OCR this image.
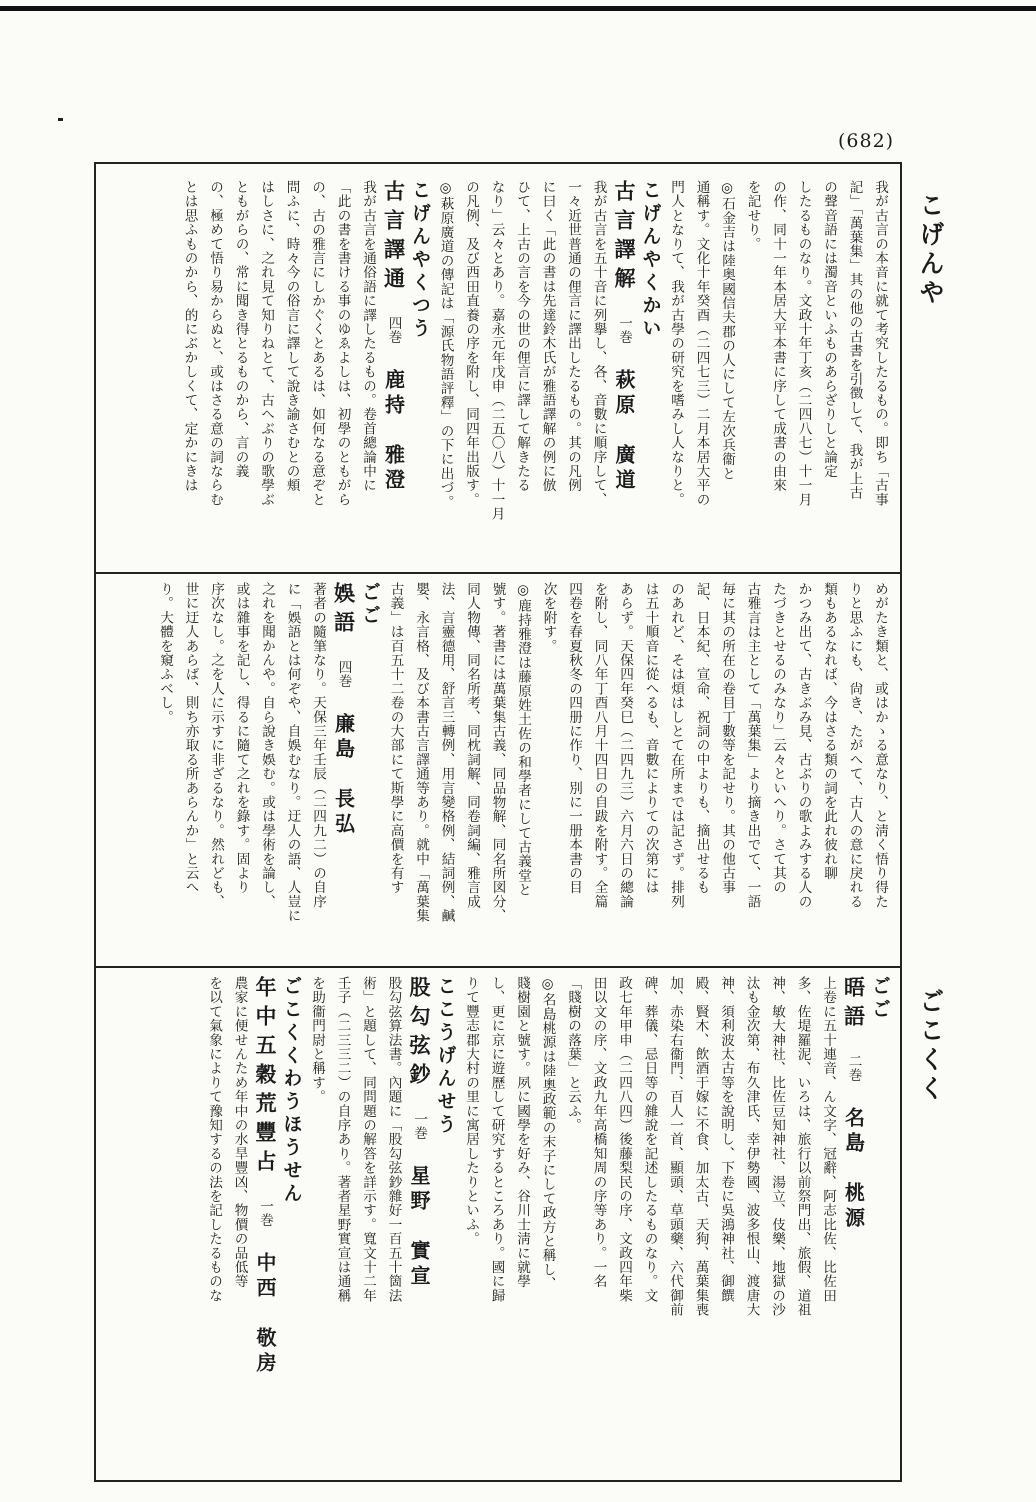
(682)
こげんや
ごこくく

我が古言の本音に就て考究したるもの。即ち「古事

記」「萬葉集」其の他の古書を引徴して、我が上古

の聲音語には濁音といふものあらざりしと論定

したるものなり。文政十年丁亥（二四八七）十一月

の作、同十一年本居大平本書に序して成書の由來

を記せり。

◎石金吉は陸奥國信夫郡の人にして左次兵衞と

通稱す。文化十年癸酉（二四七三）二月本居大平の

門人となりて、我が古學の研究を嗜みし人なりと。

こげんやくかい

古言譯解一巻萩原　廣道

我が古言を五十音に列擧し、各、音數に順序して、

一々近世普通の俚言に譯出したるもの。其の凡例

に曰く「此の書は先達鈴木氏が雅語譯解の例に倣

ひて、上古の言を今の世の俚言に譯して解きたる

なり」云々とあり。嘉永元年戊申（二五〇八）十一月

の凡例、及び西田直養の序を附し、同四年出版す。

◎萩原廣道の傳記は「源氏物語評釋」の下に出づ。

こげんやくつう

古言譯通四巻鹿持　雅澄

我が古言を通俗語に譯したるもの。卷首總論中に

「此の書を書ける事のゆゑよしは、初學のともがら

の、古の雅言にしかぐくとあるは、如何なる意ぞと

問ふに、時々今の俗言に譯して說き諭さむとの頬

はしさに、之れ見て知りねとて、古へぶりの歌學ぶ

ともがらの、常に聞き得とるものから、言の義

の、極めて悟り易からぬと、或はさる意の詞ならむ

とは思ふものから、的にぶかしくて、定かにきは

めがたき類と、或はかゝる意なり、と淸く悟り得た

りと思ふにも、尙き、たがへて、古人の意に戾れる

類もあるなれば、今はさる類の詞を此れ彼れ聊

かつみ出て、古きぶみ見、古ぶりの歌よみする人の

たづきとせるのみなり」云々といへり。さて其の

古雅言は主として「萬葉集」より摘き出でて、一語

毎に其の所在の卷目丁數等を記せり。其の他古事

記、日本紀、宣命、祝詞の中よりも、摘出せるも

のあれど、そは煩はしとて在所までは記さず。排列

は五十順音に從へるも、音數によりての次第には

あらず。天保四年癸巳（二四九三）六月六日の總論

を附し、同八年丁酉八月十四日の自跋を附す。全篇

四卷を春夏秋冬の四册に作り、別に一册本書の目

次を附す。

◎鹿持雅澄は藤原姓土佐の和學者にして古義堂と

號す。著書には萬葉集古義、同品物解、同名所図分、

同人物傳、同名所考、同枕詞解、同卷詞編、雅言成

法、言靈德用、舒言三轉例、用言變格例、結詞例、鹹

嬰、永言格、及び本書古言譯通等あり。就中「萬葉集

古義」は百五十二卷の大部にて斯學に高價を有す

ごご

娛語四巻廉島　長弘

著者の隨筆なり。天保三年壬辰（二四九二）の自序

に「娛語とは何ぞや、自娛むなり。迂人の語、人豈に

之れを聞かんや。自ら說き娛む。或は學術を論し、

或は雜事を記し、得るに隨て之れを錄す。固より

序次なし。之を人に示すに非ざるなり。然れども、

世に迂人あらば、則ち亦取る所あらんか」と云へ

り。大體を窺ふべし。

ごご

晤語二巻名島　桃源

上卷に五十連音、ん文字、冠辭、阿志比佐、比佐田

多、佐堤羅泥、いろは、旅行以前祭門出、旅假、道祖

神、敏大神社、比佐豆知神社、湯立、伎樂、地獄の沙

汰も金次第、布久津氏、幸伊勢國、波多恨山、渡唐大

神、須利波太古等を說明し、下卷に吳鴻神社、御饌

殿、賢木、飲酒于嫁に不食、加太古、天狗、萬葉集喪

加、赤染右衞門、百人一首、顯頭、草頭藥、六代御前

碑、葬儀、忌日等の雜說を記述したるものなり。文

政七年甲申（二四八四）後藤梨民の序、文政四年柴

田以文の序、文政九年高橋知周の序等あり。一名

「賤樹の落葉」と云ふ。

◎名島桃源は陸奧政範の末子にして政方と稱し、

賤樹園と號す。夙に國學を好み、谷川士淸に就學

し、更に京に遊歷して研究するところあり。國に歸

りて豐志郡大村の里に寓居したりといふ。

ここうげんせう

股勾弦鈔一巻星野　實宣

股勾弦算法書。內題に「股勾弦鈔雜好一百五十箇法

術」と題して、同問題の解答を詳示す。寬文十二年

壬子（二三三二）の自序あり。著者星野實宣は通稱

を助衞門尉と稱す。

ごこくくわうほうせん

年中五穀荒豐占一巻中西　敬房

農家に便せんため年中の水旱豐凶、物價の品低等

を以て氣象によりて豫知するの法を記したるものな
